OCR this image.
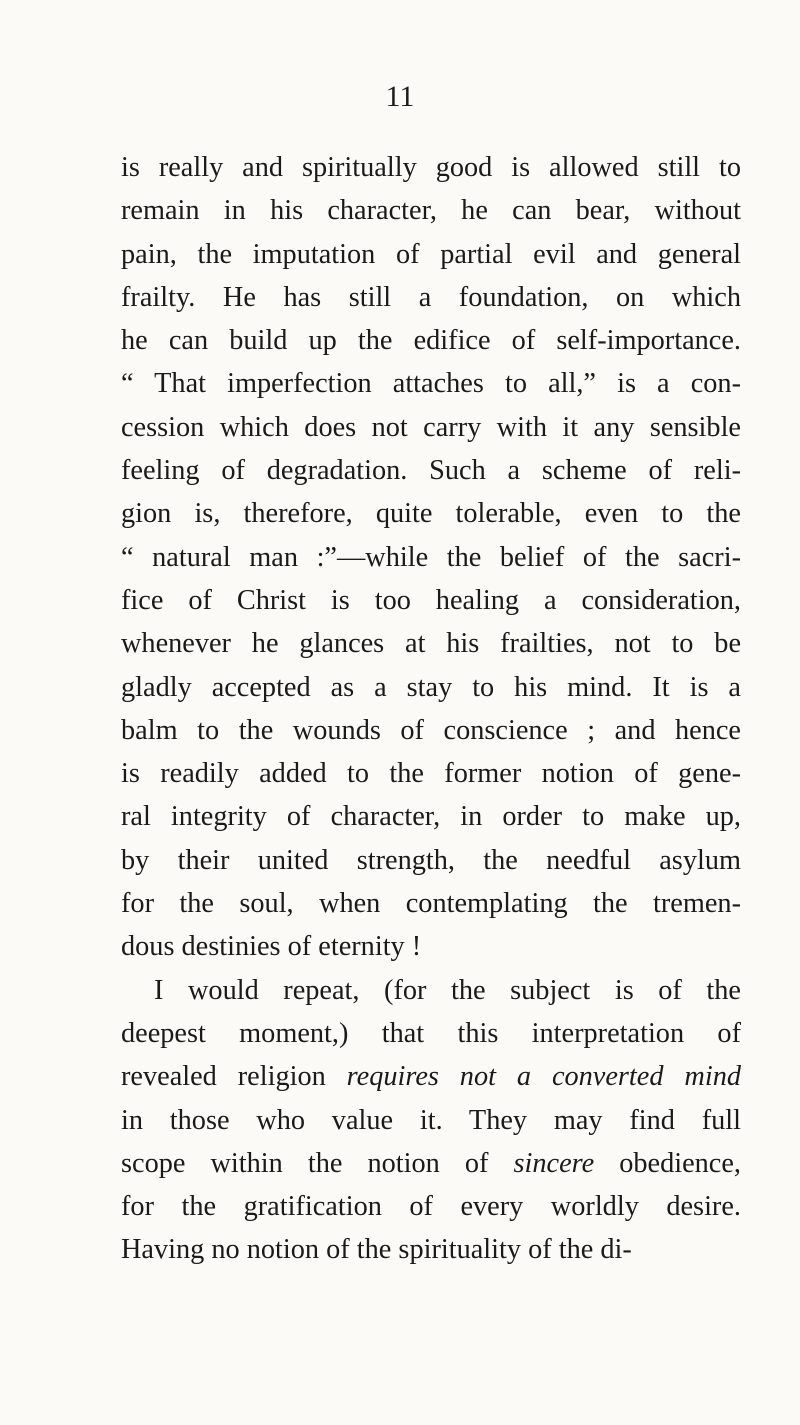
11
is really and spiritually good is allowed still to
remain in his character, he can bear, without
pain, the imputation of partial evil and general
frailty. He has still a foundation, on which
he can build up the edifice of self-importance.
“ That imperfection attaches to all,” is a con-
cession which does not carry with it any sensible
feeling of degradation. Such a scheme of reli-
gion is, therefore, quite tolerable, even to the
“ natural man :”—while the belief of the sacri-
fice of Christ is too healing a consideration,
whenever he glances at his frailties, not to be
gladly accepted as a stay to his mind. It is a
balm to the wounds of conscience ; and hence
is readily added to the former notion of gene-
ral integrity of character, in order to make up,
by their united strength, the needful asylum
for the soul, when contemplating the tremen-
dous destinies of eternity !
I would repeat, (for the subject is of the
deepest moment,) that this interpretation of
revealed religion requires not a converted mind
in those who value it. They may find full
scope within the notion of sincere obedience,
for the gratification of every worldly desire.
Having no notion of the spirituality of the di-
